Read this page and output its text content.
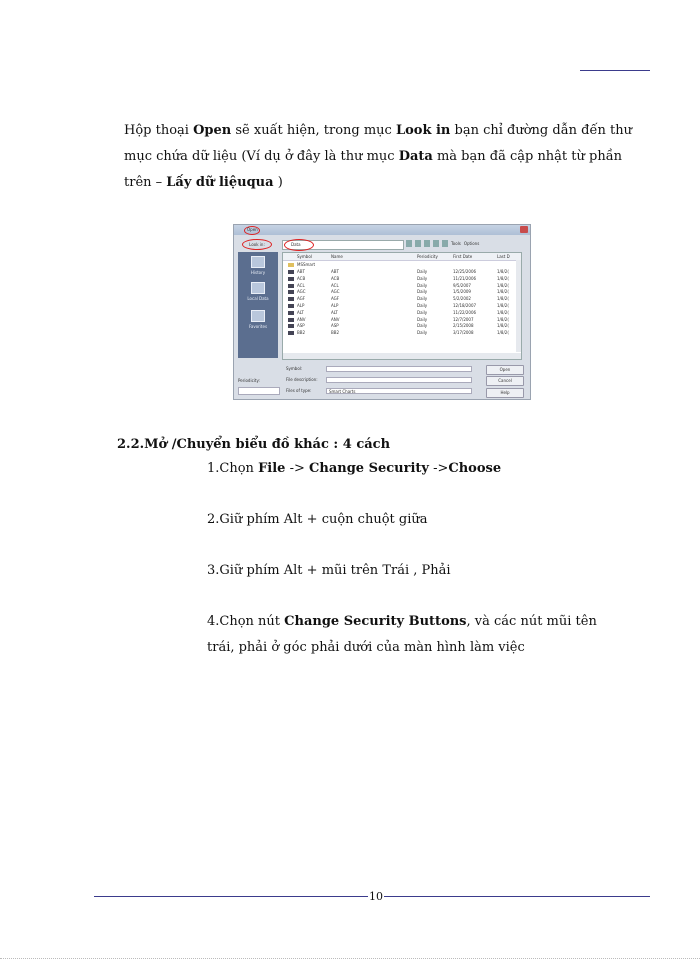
Hộp thoại Open sẽ xuất hiện, trong mục Look in bạn chỉ đường dẫn đến thư mục chứa dữ liệu (Ví dụ ở đây là thư mục Data mà bạn đã cập nhật từ phần trên – Lấy dữ liệuqua )

Open
Look in:	Data	Tools Options
History
Local Data
Favorites
Symbol	Name	Periodicity	First Date	Last D
MSSmart
ABT	ABT	Daily	12/25/2006	1/8/2(
ACB	ACB	Daily	11/21/2006	1/8/2(
ACL	ACL	Daily	9/5/2007	1/8/2(
AGC	AGC	Daily	1/5/2009	1/8/2(
AGF	AGF	Daily	5/2/2002	1/8/2(
ALP	ALP	Daily	12/18/2007	1/8/2(
ALT	ALT	Daily	11/22/2006	1/8/2(
ANV	ANV	Daily	12/7/2007	1/8/2(
ASP	ASP	Daily	2/15/2008	1/8/2(
BB2	BB2	Daily	3/17/2008	1/8/2(
Symbol:
File description:
Files of type:	Smart Charts
Periodicity:
Open
Cancel
Help
2.2.Mở /Chuyển biểu đồ khác : 4 cách
1.Chọn File -> Change Security ->Choose
2.Giữ phím Alt + cuộn chuột giữa
3.Giữ phím Alt + mũi trên Trái , Phải
4.Chọn nút Change Security Buttons, và các nút mũi tên trái, phải ở góc phải dưới của màn hình làm việc
10
